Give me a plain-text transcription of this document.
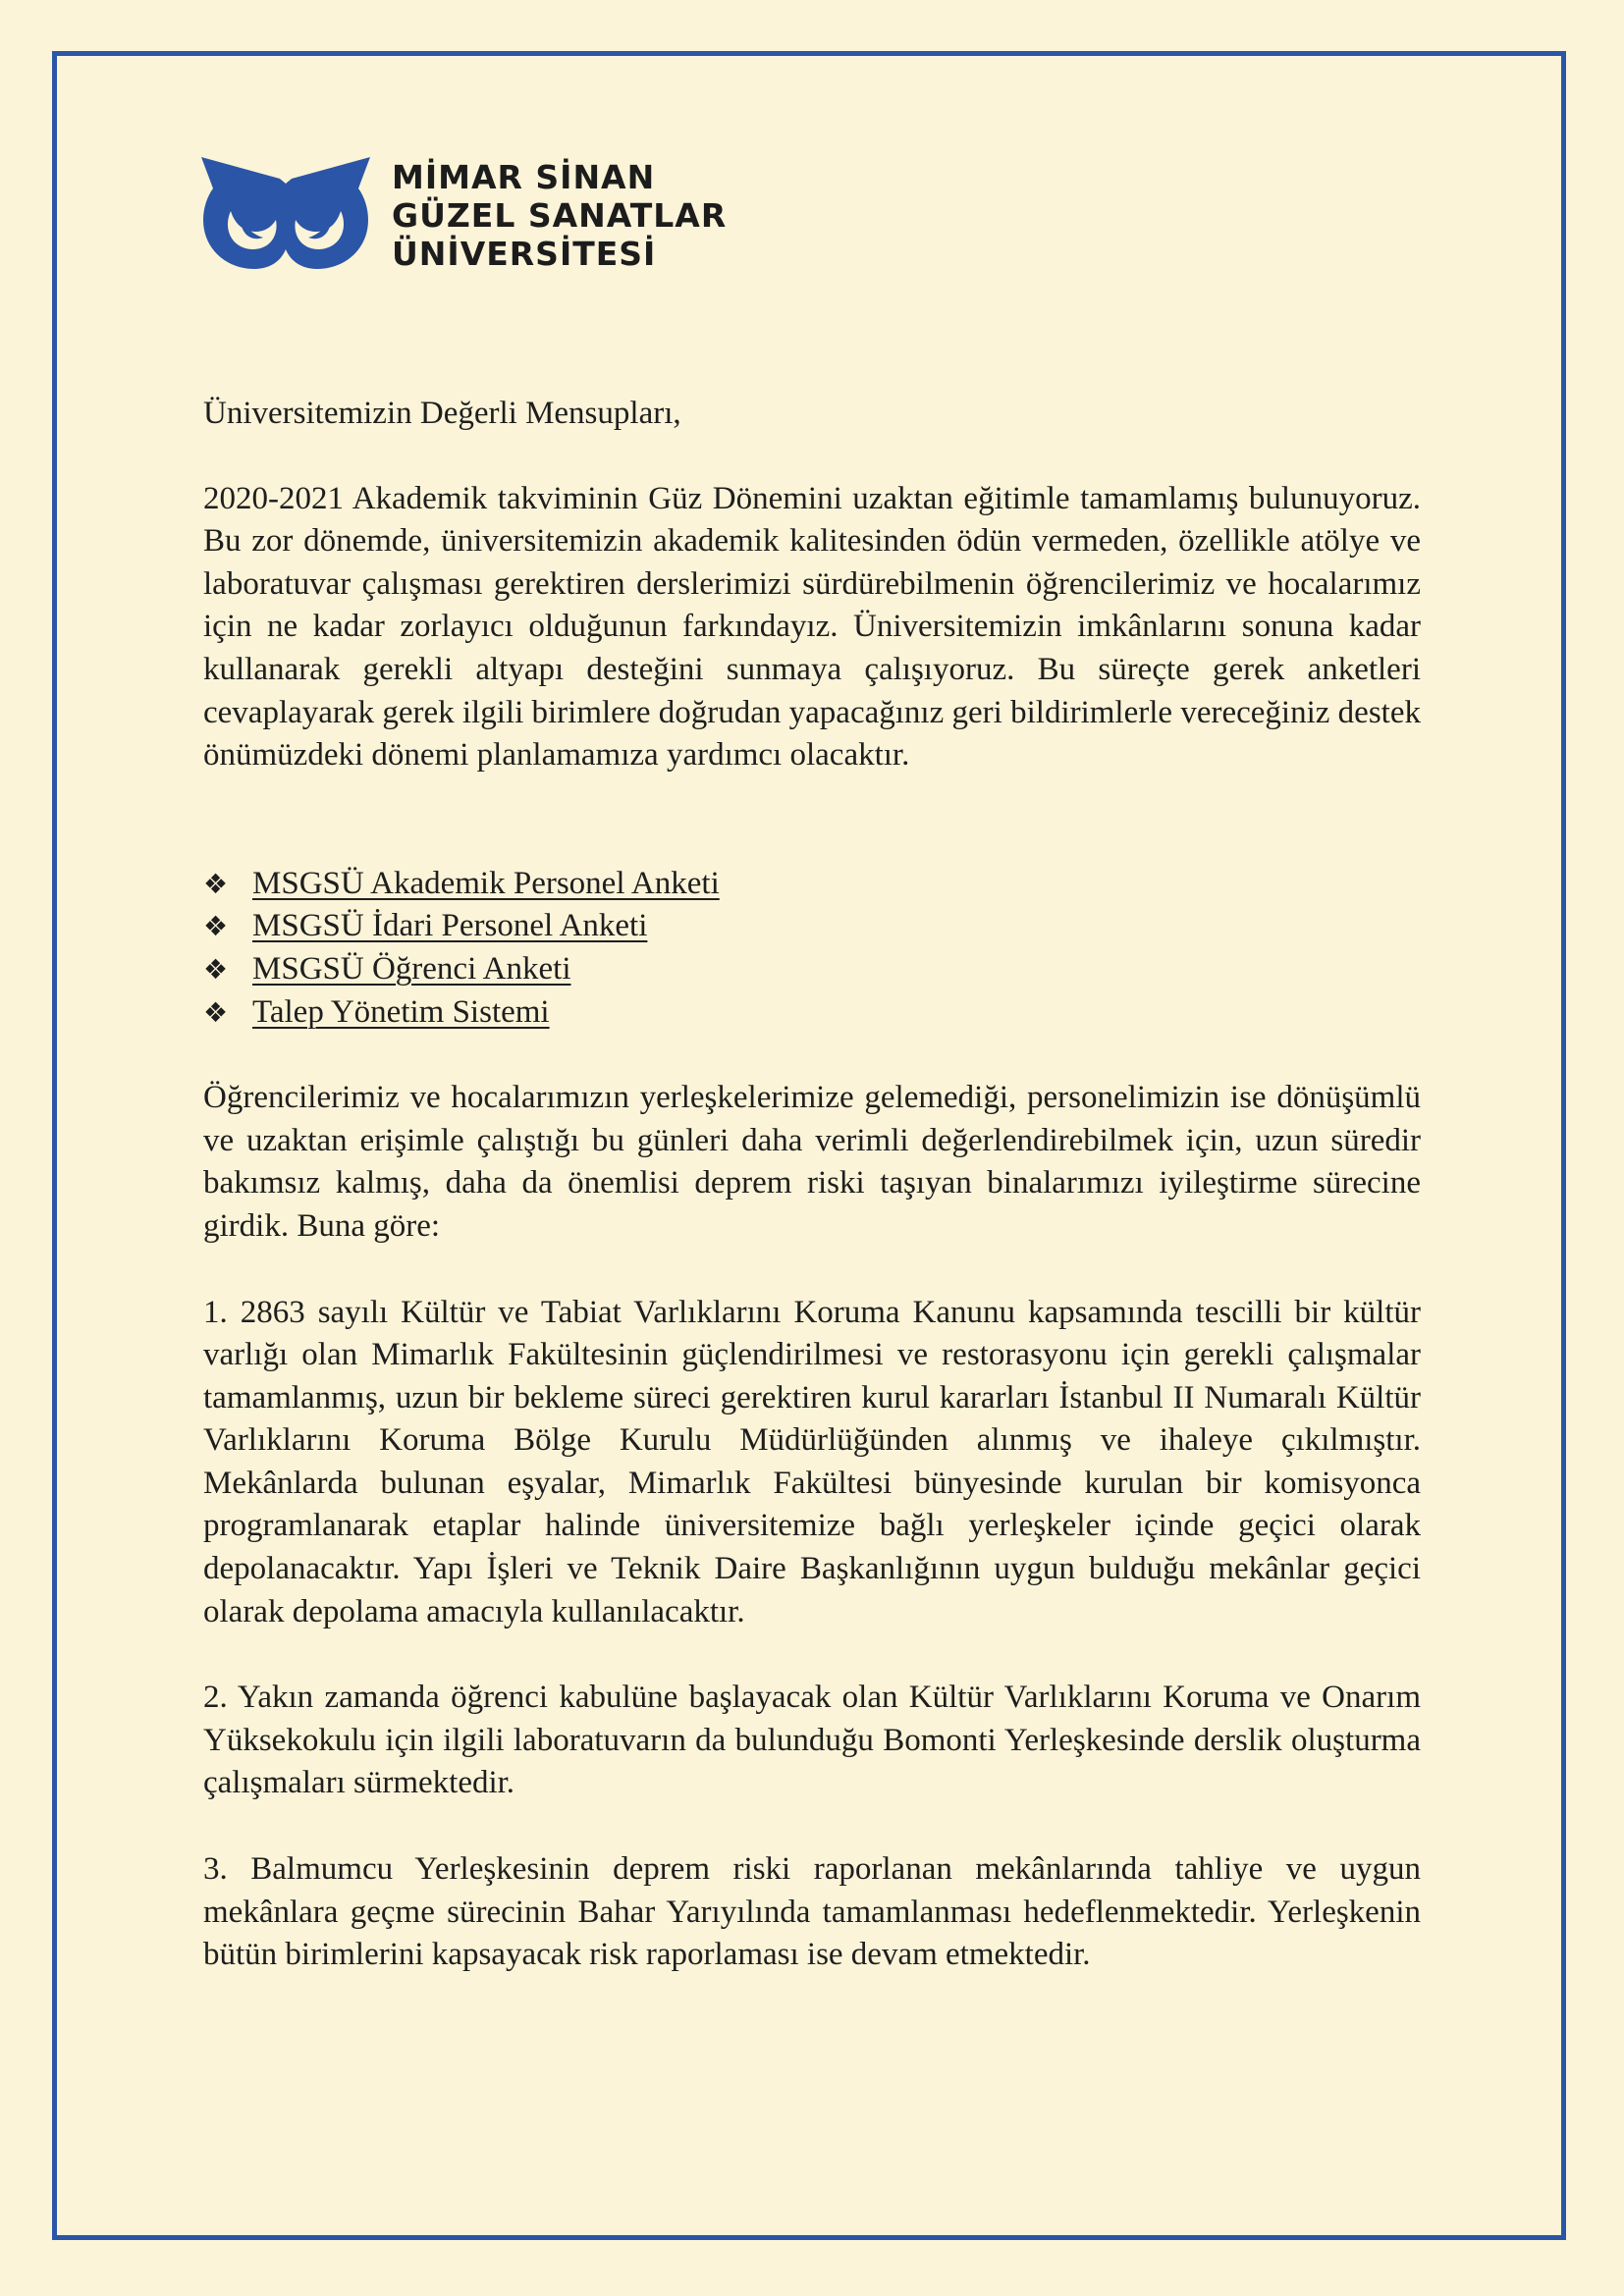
MİMAR SİNAN
GÜZEL SANATLAR
ÜNİVERSİTESİ

Üniversitemizin Değerli Mensupları,

2020-2021 Akademik takviminin Güz Dönemini uzaktan eğitimle tamamlamış bulunuyoruz. Bu zor dönemde, üniversitemizin akademik kalitesinden ödün vermeden, özellikle atölye ve laboratuvar çalışması gerektiren derslerimizi sürdürebilmenin öğrencilerimiz ve hocalarımız için ne kadar zorlayıcı olduğunun farkındayız. Üniversitemizin imkânlarını sonuna kadar kullanarak gerekli altyapı desteğini sunmaya çalışıyoruz. Bu süreçte gerek anketleri cevaplayarak gerek ilgili birimlere doğrudan yapacağınız geri bildirimlerle vereceğiniz destek önümüzdeki dönemi planlamamıza yardımcı olacaktır.

❖ MSGSÜ Akademik Personel Anketi
❖ MSGSÜ İdari Personel Anketi
❖ MSGSÜ Öğrenci Anketi
❖ Talep Yönetim Sistemi

Öğrencilerimiz ve hocalarımızın yerleşkelerimize gelemediği, personelimizin ise dönüşümlü ve uzaktan erişimle çalıştığı bu günleri daha verimli değerlendirebilmek için, uzun süredir bakımsız kalmış, daha da önemlisi deprem riski taşıyan binalarımızı iyileştirme sürecine girdik. Buna göre:

1. 2863 sayılı Kültür ve Tabiat Varlıklarını Koruma Kanunu kapsamında tescilli bir kültür varlığı olan Mimarlık Fakültesinin güçlendirilmesi ve restorasyonu için gerekli çalışmalar tamamlanmış, uzun bir bekleme süreci gerektiren kurul kararları İstanbul II Numaralı Kültür Varlıklarını Koruma Bölge Kurulu Müdürlüğünden alınmış ve ihaleye çıkılmıştır. Mekânlarda bulunan eşyalar, Mimarlık Fakültesi bünyesinde kurulan bir komisyonca programlanarak etaplar halinde üniversitemize bağlı yerleşkeler içinde geçici olarak depolanacaktır. Yapı İşleri ve Teknik Daire Başkanlığının uygun bulduğu mekânlar geçici olarak depolama amacıyla kullanılacaktır.

2. Yakın zamanda öğrenci kabulüne başlayacak olan Kültür Varlıklarını Koruma ve Onarım Yüksekokulu için ilgili laboratuvarın da bulunduğu Bomonti Yerleşkesinde derslik oluşturma çalışmaları sürmektedir.

3. Balmumcu Yerleşkesinin deprem riski raporlanan mekânlarında tahliye ve uygun mekânlara geçme sürecinin Bahar Yarıyılında tamamlanması hedeflenmektedir. Yerleşkenin bütün birimlerini kapsayacak risk raporlaması ise devam etmektedir.
